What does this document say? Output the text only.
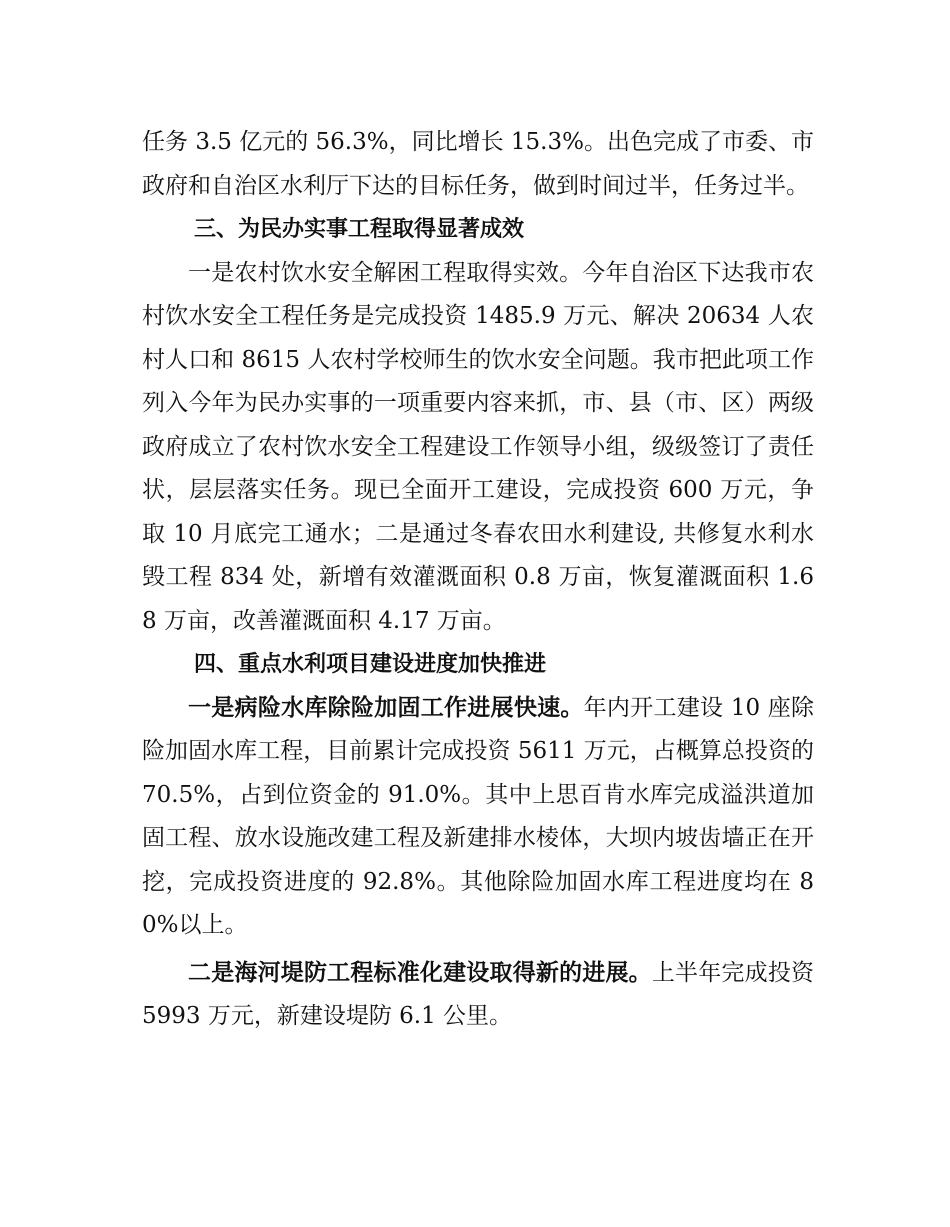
任务 3.5 亿元的 56.3%，同比增长 15.3%。出色完成了市委、市政府和自治区水利厅下达的目标任务，做到时间过半，任务过半。

三、为民办实事工程取得显著成效

一是农村饮水安全解困工程取得实效。今年自治区下达我市农村饮水安全工程任务是完成投资 1485.9 万元、解决 20634 人农村人口和 8615 人农村学校师生的饮水安全问题。我市把此项工作列入今年为民办实事的一项重要内容来抓，市、县（市、区）两级政府成立了农村饮水安全工程建设工作领导小组，级级签订了责任状，层层落实任务。现已全面开工建设，完成投资 600 万元，争取 10 月底完工通水；二是通过冬春农田水利建设, 共修复水利水毁工程 834 处，新增有效灌溉面积 0.8 万亩，恢复灌溉面积 1.68 万亩，改善灌溉面积 4.17 万亩。

四、重点水利项目建设进度加快推进

一是病险水库除险加固工作进展快速。年内开工建设 10 座除险加固水库工程，目前累计完成投资 5611 万元，占概算总投资的 70.5%，占到位资金的 91.0%。其中上思百肯水库完成溢洪道加固工程、放水设施改建工程及新建排水棱体，大坝内坡齿墙正在开挖，完成投资进度的 92.8%。其他除险加固水库工程进度均在 80%以上。

二是海河堤防工程标准化建设取得新的进展。上半年完成投资 5993 万元，新建设堤防 6.1 公里。
